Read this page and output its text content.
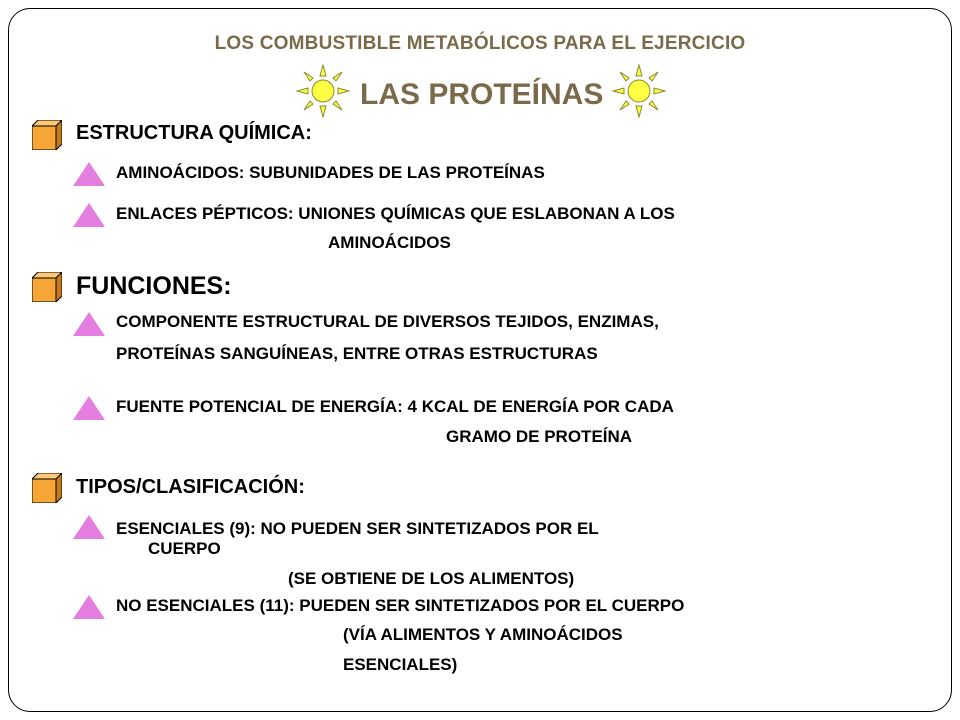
LOS COMBUSTIBLE METABÓLICOS PARA EL EJERCICIO
LAS PROTEÍNAS
ESTRUCTURA QUÍMICA:
AMINOÁCIDOS: SUBUNIDADES DE LAS PROTEÍNAS
ENLACES PÉPTICOS: UNIONES QUÍMICAS QUE ESLABONAN A LOS
AMINOÁCIDOS
FUNCIONES:
COMPONENTE ESTRUCTURAL DE DIVERSOS TEJIDOS, ENZIMAS,
PROTEÍNAS SANGUÍNEAS, ENTRE OTRAS ESTRUCTURAS
FUENTE POTENCIAL DE ENERGÍA: 4 KCAL DE ENERGÍA POR CADA
GRAMO DE PROTEÍNA
TIPOS/CLASIFICACIÓN:
ESENCIALES (9): NO PUEDEN SER SINTETIZADOS POR EL
CUERPO
(SE OBTIENE DE LOS ALIMENTOS)
NO ESENCIALES (11): PUEDEN SER SINTETIZADOS POR EL CUERPO
(VÍA ALIMENTOS Y AMINOÁCIDOS
ESENCIALES)
